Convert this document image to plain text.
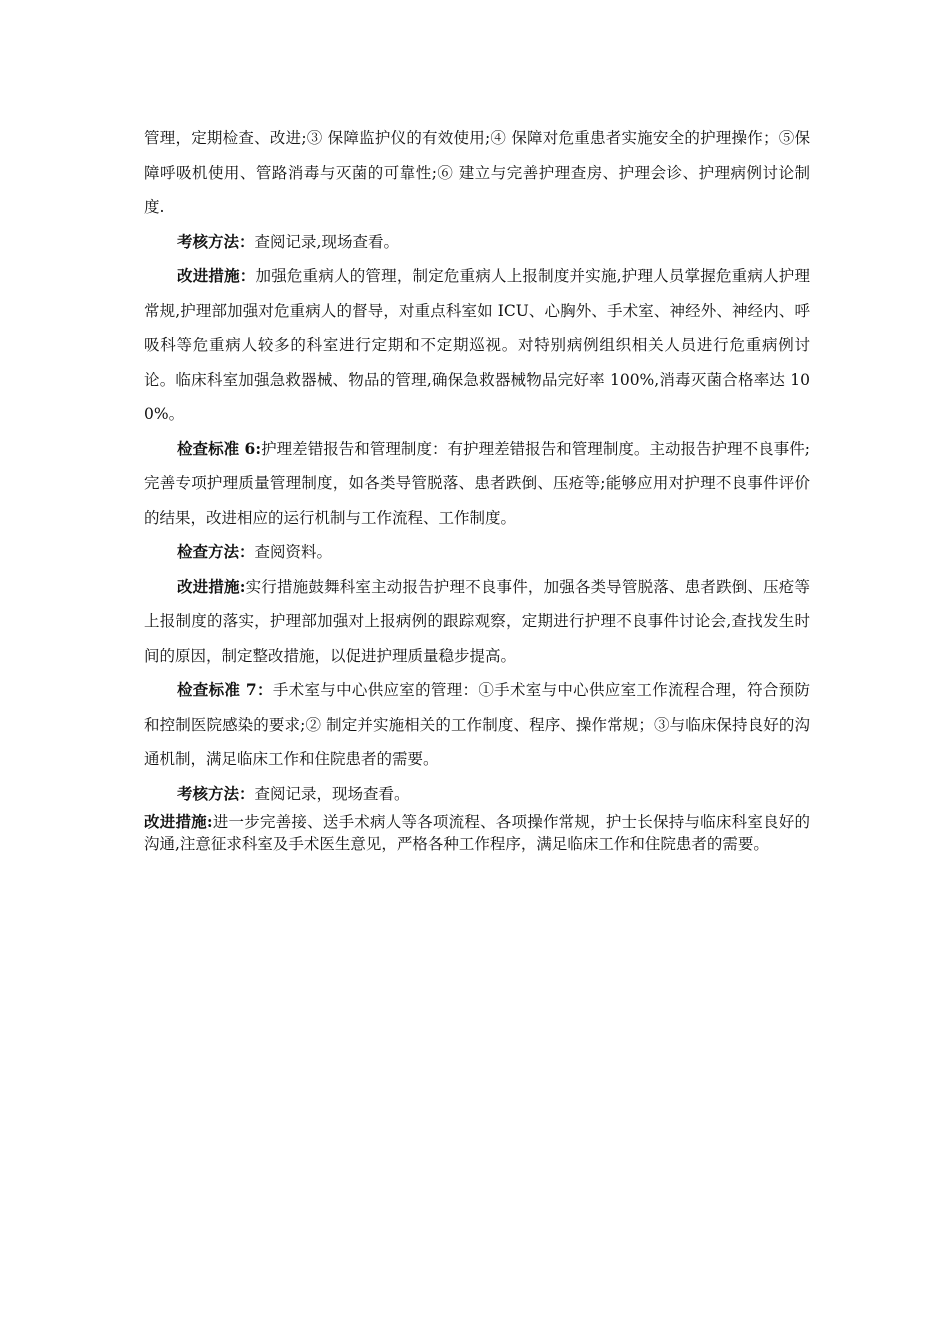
管理，定期检查、改进;③ 保障监护仪的有效使用;④ 保障对危重患者实施安全的护理操作；⑤保障呼吸机使用、管路消毒与灭菌的可靠性;⑥ 建立与完善护理查房、护理会诊、护理病例讨论制度.

考核方法：查阅记录,现场查看。

改进措施：加强危重病人的管理，制定危重病人上报制度并实施,护理人员掌握危重病人护理常规,护理部加强对危重病人的督导，对重点科室如 ICU、心胸外、手术室、神经外、神经内、呼吸科等危重病人较多的科室进行定期和不定期巡视。对特别病例组织相关人员进行危重病例讨论。临床科室加强急救器械、物品的管理,确保急救器械物品完好率 100%,消毒灭菌合格率达 100%。

检查标准 6:护理差错报告和管理制度：有护理差错报告和管理制度。主动报告护理不良事件;完善专项护理质量管理制度，如各类导管脱落、患者跌倒、压疮等;能够应用对护理不良事件评价的结果，改进相应的运行机制与工作流程、工作制度。

检查方法：查阅资料。

改进措施:实行措施鼓舞科室主动报告护理不良事件，加强各类导管脱落、患者跌倒、压疮等上报制度的落实，护理部加强对上报病例的跟踪观察，定期进行护理不良事件讨论会,查找发生时间的原因，制定整改措施，以促进护理质量稳步提高。

检查标准 7：手术室与中心供应室的管理：①手术室与中心供应室工作流程合理，符合预防和控制医院感染的要求;② 制定并实施相关的工作制度、程序、操作常规；③与临床保持良好的沟通机制，满足临床工作和住院患者的需要。

考核方法：查阅记录，现场查看。

改进措施:进一步完善接、送手术病人等各项流程、各项操作常规，护士长保持与临床科室良好的沟通,注意征求科室及手术医生意见，严格各种工作程序，满足临床工作和住院患者的需要。
